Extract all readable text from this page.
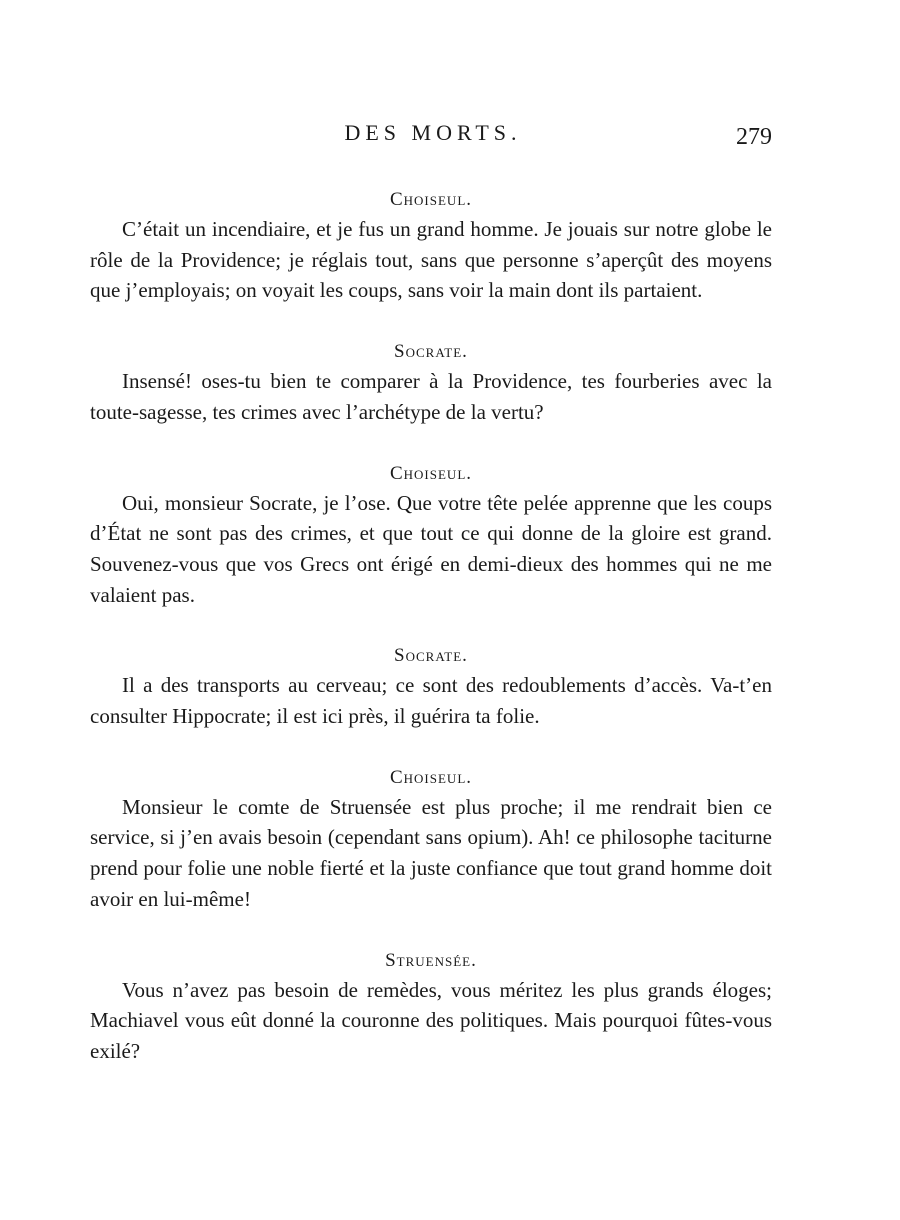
DES MORTS.	279
Choiseul.

C’était un incendiaire, et je fus un grand homme. Je jouais sur notre globe le rôle de la Providence; je réglais tout, sans que personne s’aperçût des moyens que j’employais; on voyait les coups, sans voir la main dont ils partaient.

Socrate.

Insensé! oses-tu bien te comparer à la Providence, tes fourberies avec la toute-sagesse, tes crimes avec l’archétype de la vertu?

Choiseul.

Oui, monsieur Socrate, je l’ose. Que votre tête pelée apprenne que les coups d’État ne sont pas des crimes, et que tout ce qui donne de la gloire est grand. Souvenez-vous que vos Grecs ont érigé en demi-dieux des hommes qui ne me valaient pas.

Socrate.

Il a des transports au cerveau; ce sont des redoublements d’accès. Va-t’en consulter Hippocrate; il est ici près, il guérira ta folie.

Choiseul.

Monsieur le comte de Struensée est plus proche; il me rendrait bien ce service, si j’en avais besoin (cependant sans opium). Ah! ce philosophe taciturne prend pour folie une noble fierté et la juste confiance que tout grand homme doit avoir en lui-même!

Struensée.

Vous n’avez pas besoin de remèdes, vous méritez les plus grands éloges; Machiavel vous eût donné la couronne des politiques. Mais pourquoi fûtes-vous exilé?
